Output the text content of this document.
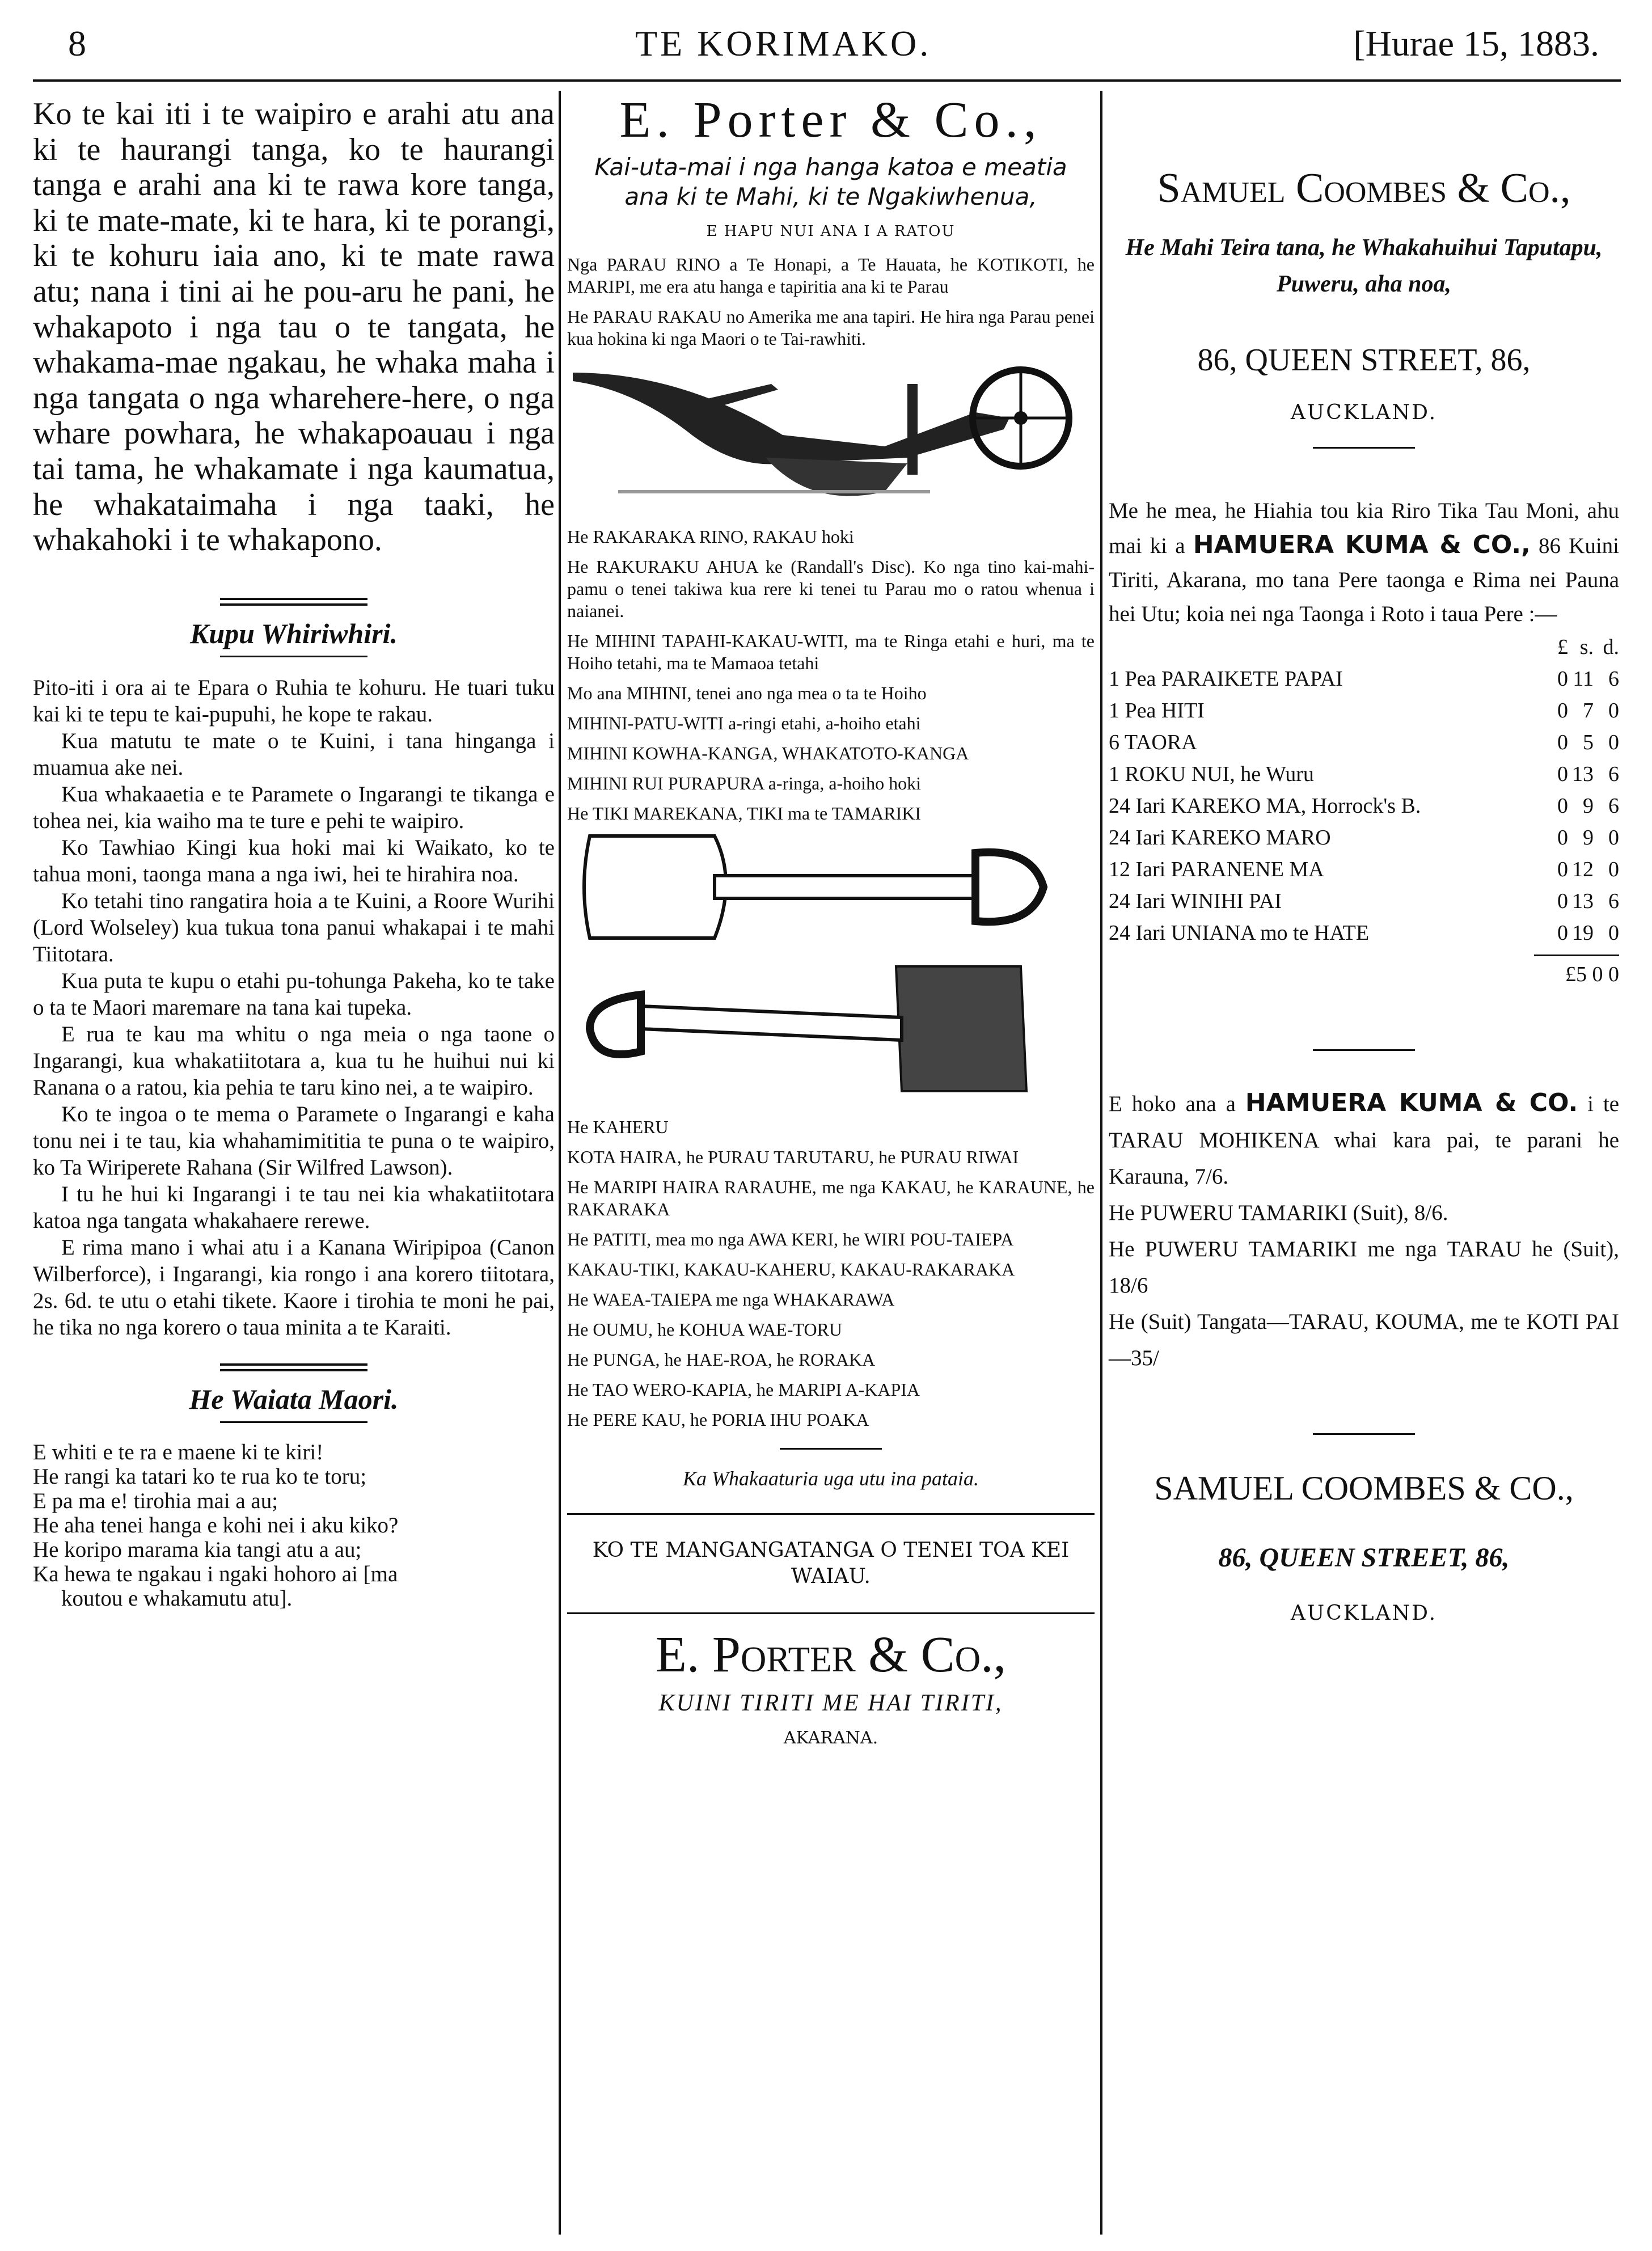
8	TE KORIMAKO.	[Hurae 15, 1883.

Ko te kai iti i te waipiro e arahi atu ana ki te haurangi tanga, ko te haurangi tanga e arahi ana ki te rawa kore tanga, ki te mate-mate, ki te hara, ki te porangi, ki te kohuru iaia ano, ki te mate rawa atu; nana i tini ai he pou-aru he pani, he whakapoto i nga tau o te tangata, he whakama-mae ngakau, he whaka maha i nga tangata o nga wharehere-here, o nga whare powhara, he whakapoauau i nga tai tama, he whakamate i nga kaumatua, he whakataimaha i nga taaki, he whakahoki i te whakapono.

Kupu Whiriwhiri.

Pito-iti i ora ai te Epara o Ruhia te kohuru. He tuari tuku kai ki te tepu te kai-pupuhi, he kope te rakau.

Kua matutu te mate o te Kuini, i tana hinganga i muamua ake nei.

Kua whakaaetia e te Paramete o Ingarangi te tikanga e tohea nei, kia waiho ma te ture e pehi te waipiro.

Ko Tawhiao Kingi kua hoki mai ki Waikato, ko te tahua moni, taonga mana a nga iwi, hei te hirahira noa.

Ko tetahi tino rangatira hoia a te Kuini, a Roore Wurihi (Lord Wolseley) kua tukua tona panui whakapai i te mahi Tiitotara.

Kua puta te kupu o etahi pu-tohunga Pakeha, ko te take o ta te Maori maremare na tana kai tupeka.

E rua te kau ma whitu o nga meia o nga taone o Ingarangi, kua whakatiitotara a, kua tu he huihui nui ki Ranana o a ratou, kia pehia te taru kino nei, a te waipiro.

Ko te ingoa o te mema o Paramete o Ingarangi e kaha tonu nei i te tau, kia whahamimititia te puna o te waipiro, ko Ta Wiriperete Rahana (Sir Wilfred Lawson).

I tu he hui ki Ingarangi i te tau nei kia whakatiitotara katoa nga tangata whakahaere rerewe.

E rima mano i whai atu i a Kanana Wiripipoa (Canon Wilberforce), i Ingarangi, kia rongo i ana korero tiitotara, 2s. 6d. te utu o etahi tikete. Kaore i tirohia te moni he pai, he tika no nga korero o taua minita a te Karaiti.

He Waiata Maori.

E whiti e te ra e maene ki te kiri!

He rangi ka tatari ko te rua ko te toru;

E pa ma e! tirohia mai a au;

He aha tenei hanga e kohi nei i aku kiko?

He koripo marama kia tangi atu a au;

Ka hewa te ngakau i ngaki hohoro ai [ma

koutou e whakamutu atu].

E. Porter & Co.,

Kai-uta-mai i nga hanga katoa e meatia ana ki te Mahi, ki te Ngakiwhenua,

E HAPU NUI ANA I A RATOU

Nga PARAU RINO a Te Honapi, a Te Hauata, he KOTIKOTI, he MARIPI, me era atu hanga e tapiritia ana ki te Parau

He PARAU RAKAU no Amerika me ana tapiri. He hira nga Parau penei kua hokina ki nga Maori o te Tai-rawhiti.

He RAKARAKA RINO, RAKAU hoki

He RAKURAKU AHUA ke (Randall's Disc). Ko nga tino kai-mahi-pamu o tenei takiwa kua rere ki tenei tu Parau mo o ratou whenua i naianei.

He MIHINI TAPAHI-KAKAU-WITI, ma te Ringa etahi e huri, ma te Hoiho tetahi, ma te Mamaoa tetahi

Mo ana MIHINI, tenei ano nga mea o ta te Hoiho

MIHINI-PATU-WITI a-ringi etahi, a-hoiho etahi

MIHINI KOWHA-KANGA, WHAKATOTO-KANGA

MIHINI RUI PURAPURA a-ringa, a-hoiho hoki

He TIKI MAREKANA, TIKI ma te TAMARIKI

He KAHERU

KOTA HAIRA, he PURAU TARUTARU, he PURAU RIWAI

He MARIPI HAIRA RARAUHE, me nga KAKAU, he KARAUNE, he RAKARAKA

He PATITI, mea mo nga AWA KERI, he WIRI POU-TAIEPA

KAKAU-TIKI, KAKAU-KAHERU, KAKAU-RAKARAKA

He WAEA-TAIEPA me nga WHAKARAWA

He OUMU, he KOHUA WAE-TORU

He PUNGA, he HAE-ROA, he RORAKA

He TAO WERO-KAPIA, he MARIPI A-KAPIA

He PERE KAU, he PORIA IHU POAKA

Ka Whakaaturia uga utu ina pataia.

KO TE MANGANGATANGA O TENEI TOA KEI WAIAU.

E. Porter & Co.,

KUINI TIRITI ME HAI TIRITI,

AKARANA.

Samuel Coombes & Co.,

He Mahi Teira tana, he Whakahuihui Taputapu, Puweru, aha noa,

86, QUEEN STREET, 86,

AUCKLAND.

Me he mea, he Hiahia tou kia Riro Tika Tau Moni, ahu mai ki a HAMUERA KUMA & CO., 86 Kuini Tiriti, Akarana, mo tana Pere taonga e Rima nei Pauna hei Utu; koia nei nga Taonga i Roto i taua Pere :—

	£	s.	d.
1 Pea PARAIKETE PAPAI	0	11	6
1 Pea HITI	0	7	0
6 TAORA	0	5	0
1 ROKU NUI, he Wuru	0	13	6
24 Iari KAREKO MA, Horrock's B.	0	9	6
24 Iari KAREKO MARO	0	9	0
12 Iari PARANENE MA	0	12	0
24 Iari WINIHI PAI	0	13	6
24 Iari UNIANA mo te HATE	0	19	0

£5 0 0

E hoko ana a HAMUERA KUMA & CO. i te TARAU MOHIKENA whai kara pai, te parani he Karauna, 7/6.

He PUWERU TAMARIKI (Suit), 8/6.

He PUWERU TAMARIKI me nga TARAU he (Suit), 18/6

He (Suit) Tangata—TARAU, KOUMA, me te KOTI PAI—35/

SAMUEL COOMBES & CO.,

86, QUEEN STREET, 86,

AUCKLAND.
